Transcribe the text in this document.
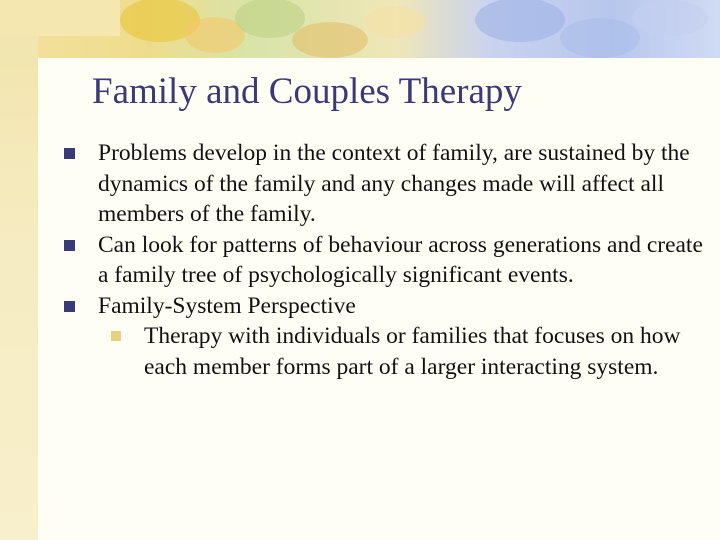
Family and Couples Therapy
Problems develop in the context of family, are sustained by the dynamics of the family and any changes made will affect all members of the family.
Can look for patterns of behaviour across generations and create a family tree of psychologically significant events.
Family-System Perspective
Therapy with individuals or families that focuses on how each member forms part of a larger interacting system.
